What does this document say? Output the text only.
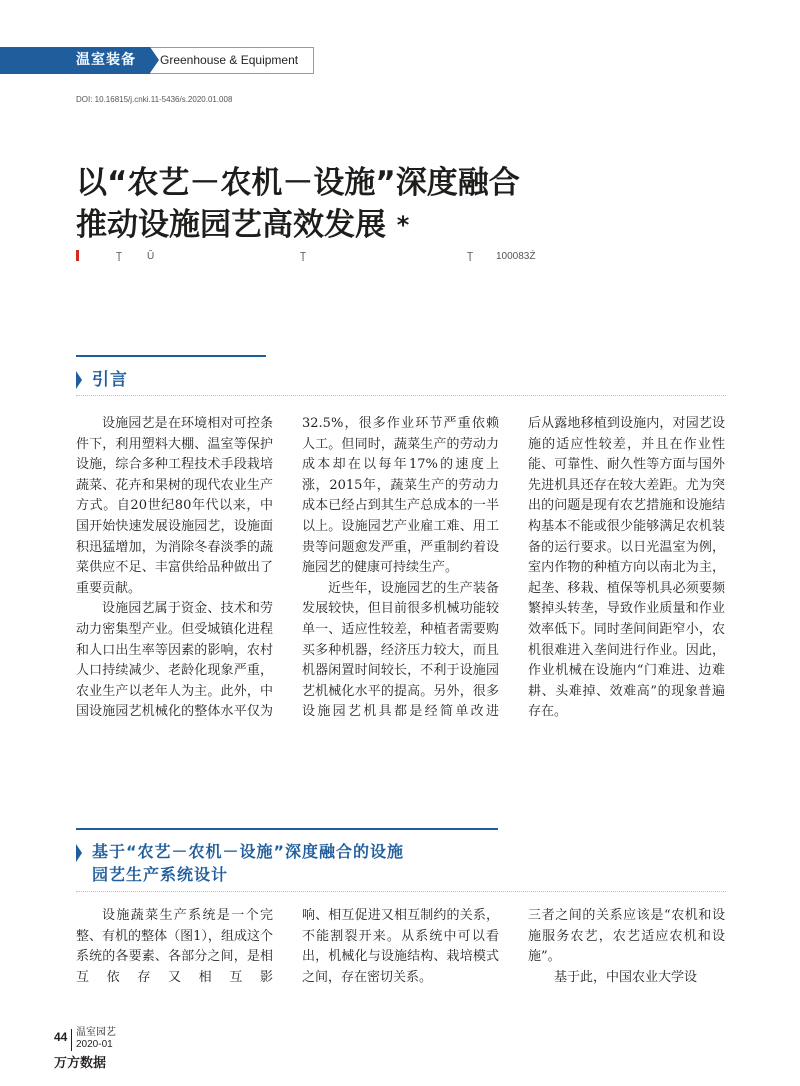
Greenhouse & Equipment
温室装备
DOI: 10.16815/j.cnki.11-5436/s.2020.01.008
以“农艺－农机－设施”深度融合
推动设施园艺高效发展 *
Ţ Ŭ	Ţ	Ţ 100083Ź
引言

设施园艺是在环境相对可控条件下，利用塑料大棚、温室等保护设施，综合多种工程技术手段栽培蔬菜、花卉和果树的现代农业生产方式。自20世纪80年代以来，中国开始快速发展设施园艺，设施面积迅猛增加，为消除冬春淡季的蔬菜供应不足、丰富供给品种做出了重要贡献。

设施园艺属于资金、技术和劳动力密集型产业。但受城镇化进程和人口出生率等因素的影响，农村人口持续减少、老龄化现象严重，农业生产以老年人为主。此外，中国设施园艺机械化的整体水平仅为

32.5%，很多作业环节严重依赖人工。但同时，蔬菜生产的劳动力成本却在以每年17%的速度上涨，2015年，蔬菜生产的劳动力成本已经占到其生产总成本的一半以上。设施园艺产业雇工难、用工贵等问题愈发严重，严重制约着设施园艺的健康可持续生产。

近些年，设施园艺的生产装备发展较快，但目前很多机械功能较单一、适应性较差，种植者需要购买多种机器，经济压力较大，而且机器闲置时间较长，不利于设施园艺机械化水平的提高。另外，很多设施园艺机具都是经简单改进

后从露地移植到设施内，对园艺设施的适应性较差，并且在作业性能、可靠性、耐久性等方面与国外先进机具还存在较大差距。尤为突出的问题是现有农艺措施和设施结构基本不能或很少能够满足农机装备的运行要求。以日光温室为例，室内作物的种植方向以南北为主，起垄、移栽、植保等机具必须要频繁掉头转垄，导致作业质量和作业效率低下。同时垄间间距窄小，农机很难进入垄间进行作业。因此，作业机械在设施内“门难进、边难耕、头难掉、效难高”的现象普遍存在。

基于“农艺－农机－设施”深度融合的设施
园艺生产系统设计

设施蔬菜生产系统是一个完整、有机的整体（图1），组成这个系统的各要素、各部分之间，是相互依存又相互影

响、相互促进又相互制约的关系，不能割裂开来。从系统中可以看出，机械化与设施结构、栽培模式之间，存在密切关系。

三者之间的关系应该是“农机和设施服务农艺，农艺适应农机和设施”。

基于此，中国农业大学设

44 温室园艺
2020-01
万方数据
